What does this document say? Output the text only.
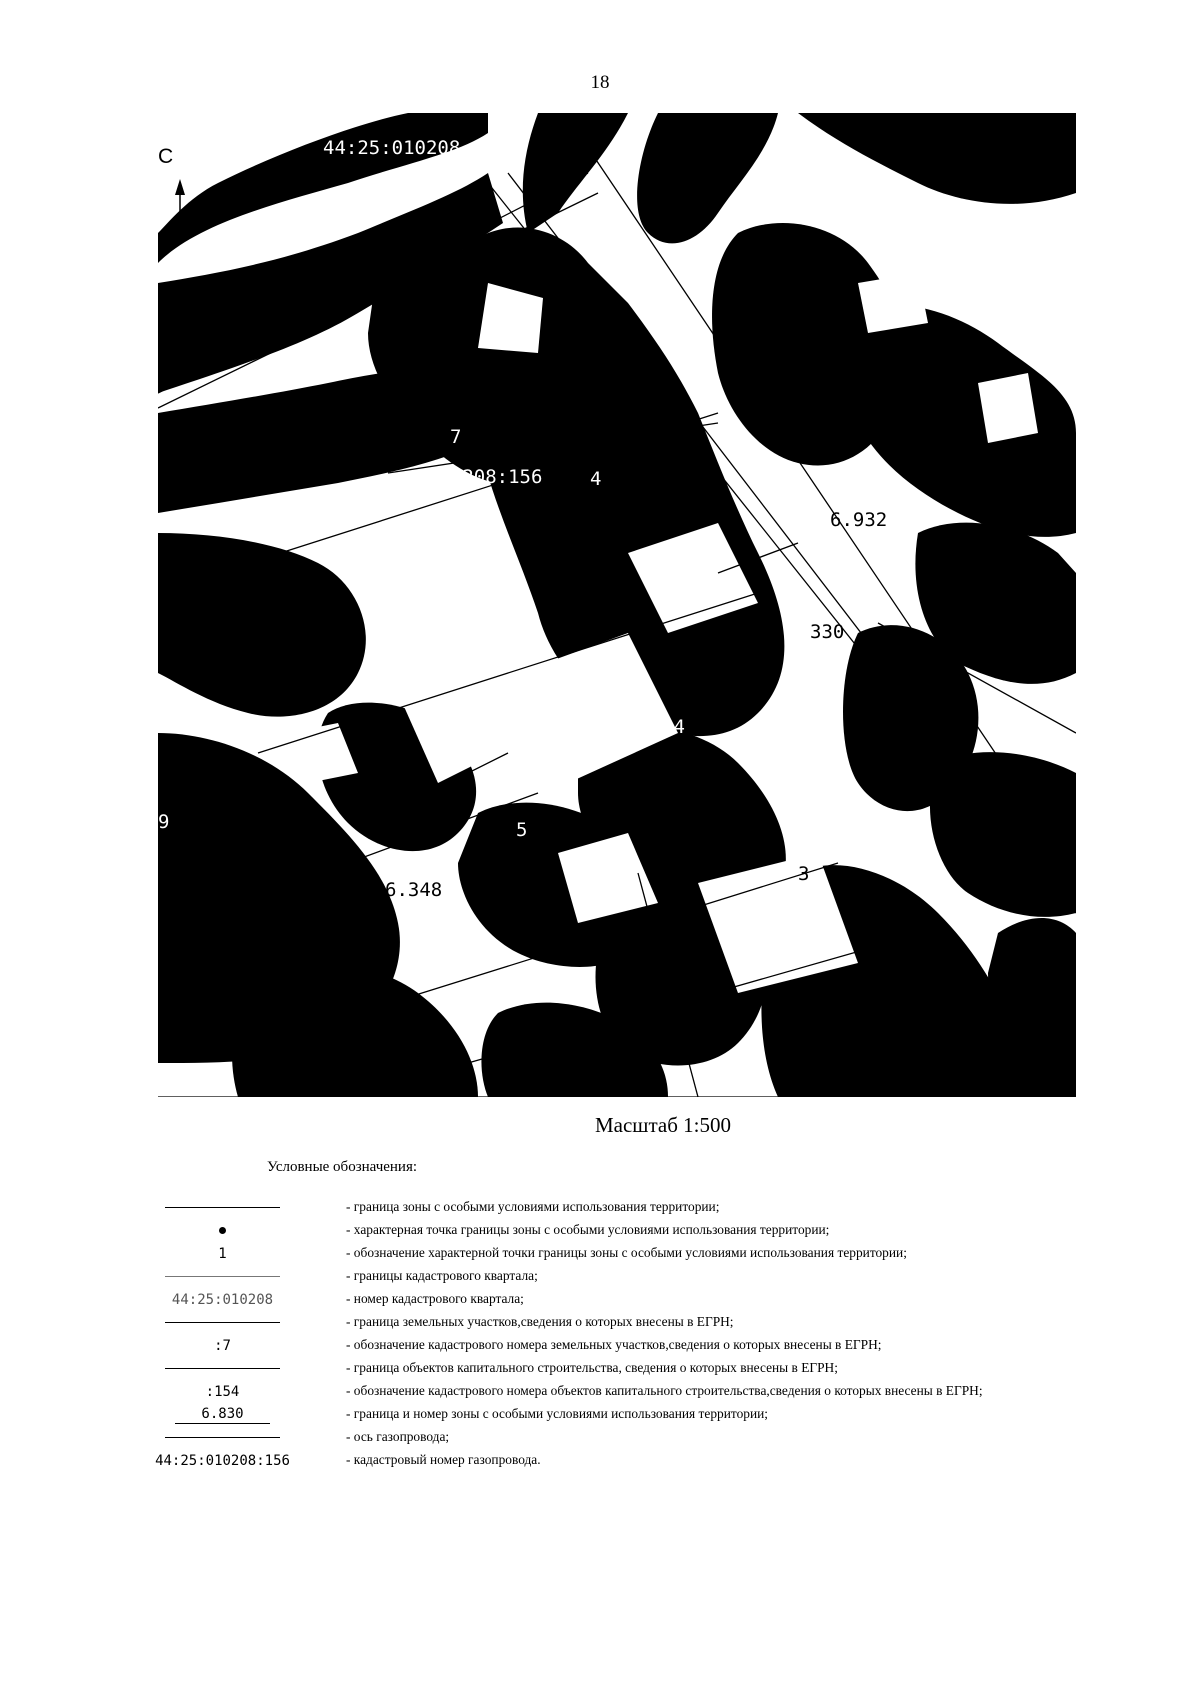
18
С	44:25:010208
н77
6
7
010208:156	4
6.932
330
14
9	5
6.348
3
Масштаб 1:500
Условные обозначения:
- граница зоны с особыми условиями использования территории;
- характерная точка границы зоны с особыми условиями использования территории;
1	- обозначение характерной точки границы зоны с особыми условиями использования территории;
- границы кадастрового квартала;
44:25:010208	- номер кадастрового квартала;
- граница земельных участков,сведения о которых внесены в ЕГРН;
:7	- обозначение кадастрового номера земельных участков,сведения о которых внесены в ЕГРН;
- граница объектов капитального строительства, сведения о которых внесены в ЕГРН;
:154	- обозначение кадастрового номера объектов капитального строительства,сведения о которых внесены в ЕГРН;
6.830	- граница и номер зоны с особыми условиями использования территории;
- ось газопровода;
44:25:010208:156	- кадастровый номер газопровода.
